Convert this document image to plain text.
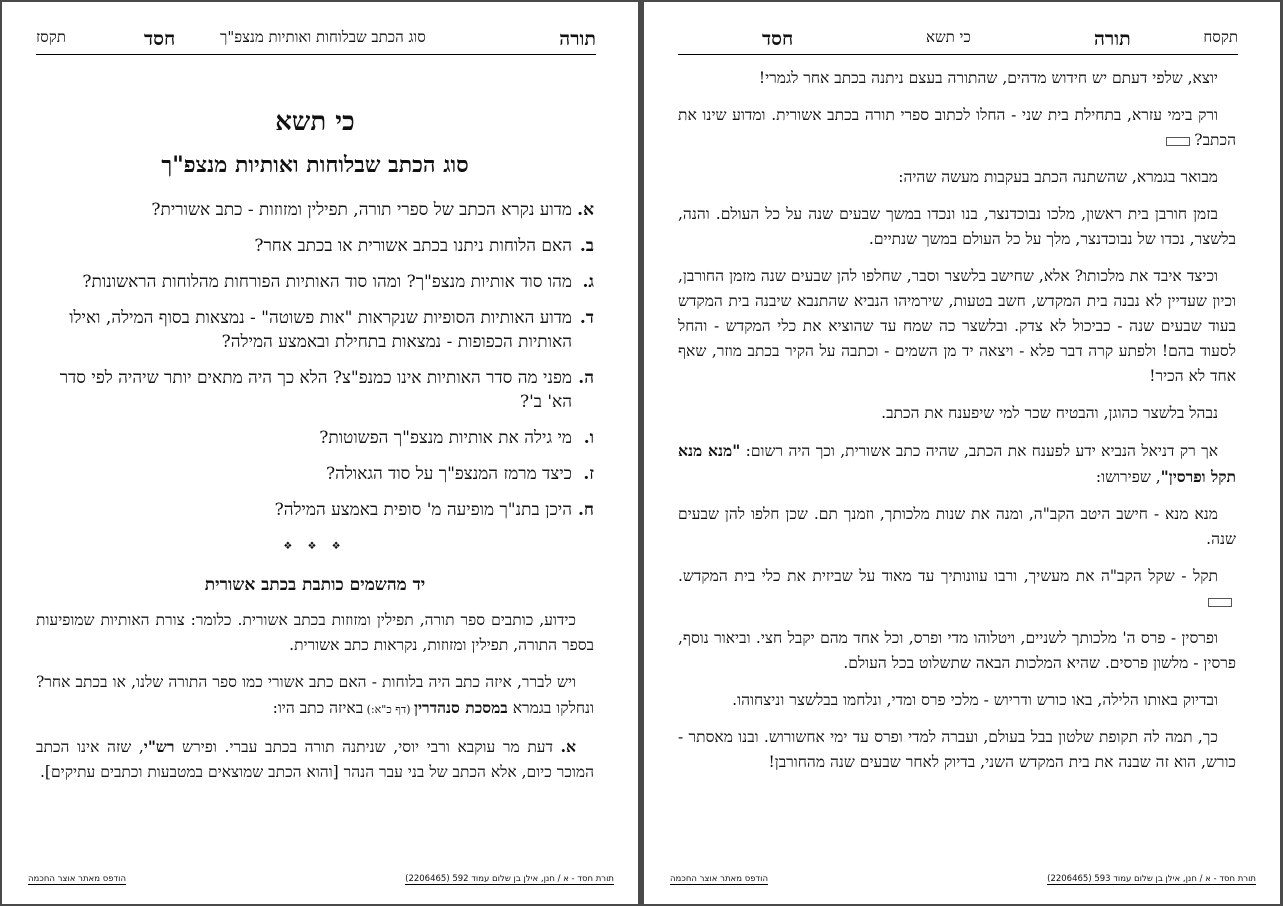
תקסז	חסד	סוג הכתב שבלוחות ואותיות מנצפ"ך	תורה
כי תשא
סוג הכתב שבלוחות ואותיות מנצפ"ך
א.
מדוע נקרא הכתב של ספרי תורה, תפילין ומזוזות - כתב אשורית?
ב.
האם הלוחות ניתנו בכתב אשורית או בכתב אחר?
ג.
מהו סוד אותיות מנצפ"ך? ומהו סוד האותיות הפורחות מהלוחות הראשונות?
ד.
מדוע האותיות הסופיות שנקראות "אות פשוטה" - נמצאות בסוף המילה, ואילו האותיות הכפופות - נמצאות בתחילת ובאמצע המילה?
ה.
מפני מה סדר האותיות אינו כמנפ"צ? הלא כך היה מתאים יותר שיהיה לפי סדר הא' ב'?
ו.
מי גילה את אותיות מנצפ"ך הפשוטות?
ז.
כיצד מרמז המנצפ"ך על סוד הגאולה?
ח.
היכן בתנ"ך מופיעה מ' סופית באמצע המילה?
❖ ❖ ❖
יד מהשמים כותבת בכתב אשורית

כידוע, כותבים ספר תורה, תפילין ומזוזות בכתב אשורית. כלומר: צורת האותיות שמופיעות בספר התורה, תפילין ומזוזות, נקראות כתב אשורית.

ויש לברר, איזה כתב היה בלוחות - האם כתב אשורי כמו ספר התורה שלנו, או בכתב אחר? ונחלקו בגמרא במסכת סנהדרין (דף כ"א:) באיזה כתב היו:

א. דעת מר עוקבא ורבי יוסי, שניתנה תורה בכתב עברי. ופירש רש"י, שזה אינו הכתב המוכר כיום, אלא הכתב של בני עבר הנהר [והוא הכתב שמוצאים במטבעות וכתבים עתיקים].

הודפס מאתר אוצר החכמה	תורת חסד - א / חנן, אילן בן שלום עמוד 592 (2206465)
חסד	כי תשא	תורה	תקסח

יוצא, שלפי דעתם יש חידוש מדהים, שהתורה בעצם ניתנה בכתב אחר לגמרי!

ורק בימי עזרא, בתחילת בית שני - החלו לכתוב ספרי תורה בכתב אשורית. ומדוע שינו את הכתב?

מבואר בגמרא, שהשתנה הכתב בעקבות מעשה שהיה:

בזמן חורבן בית ראשון, מלכו נבוכדנצר, בנו ונכדו במשך שבעים שנה על כל העולם. והנה, בלשצר, נכדו של נבוכדנצר, מלך על כל העולם במשך שנתיים.

וכיצד איבד את מלכותו? אלא, שחישב בלשצר וסבר, שחלפו להן שבעים שנה מזמן החורבן, וכיון שעדיין לא נבנה בית המקדש, חשב בטעות, שירמיהו הנביא שהתנבא שיבנה בית המקדש בעוד שבעים שנה - כביכול לא צדק. ובלשצר כה שמח עד שהוציא את כלי המקדש - והחל לסעוד בהם! ולפתע קרה דבר פלא - ויצאה יד מן השמים - וכתבה על הקיר בכתב מוזר, שאף אחד לא הכיר!

נבהל בלשצר כהוגן, והבטיח שכר למי שיפענח את הכתב.

אך רק דניאל הנביא ידע לפענח את הכתב, שהיה כתב אשורית, וכך היה רשום: "מנא מנא תקל ופרסין", שפירושו:

מנא מנא - חישב היטב הקב"ה, ומנה את שנות מלכותך, וזמנך תם. שכן חלפו להן שבעים שנה.

תקל - שקל הקב"ה את מעשיך, ורבו עוונותיך עד מאוד על שביזית את כלי בית המקדש.

ופרסין - פרס ה' מלכותך לשניים, ויטלוהו מדי ופרס, וכל אחד מהם יקבל חצי. וביאור נוסף, פרסין - מלשון פרסים. שהיא המלכות הבאה שתשלוט בכל העולם.

ובדיוק באותו הלילה, באו כורש ודריוש - מלכי פרס ומדי, ונלחמו בבלשצר וניצחוהו.

כך, תמה לה תקופת שלטון בבל בעולם, ועברה למדי ופרס עד ימי אחשורוש. ובנו מאסתר - כורש, הוא זה שבנה את בית המקדש השני, בדיוק לאחר שבעים שנה מהחורבן!

הודפס מאתר אוצר החכמה	תורת חסד - א / חנן, אילן בן שלום עמוד 593 (2206465)
